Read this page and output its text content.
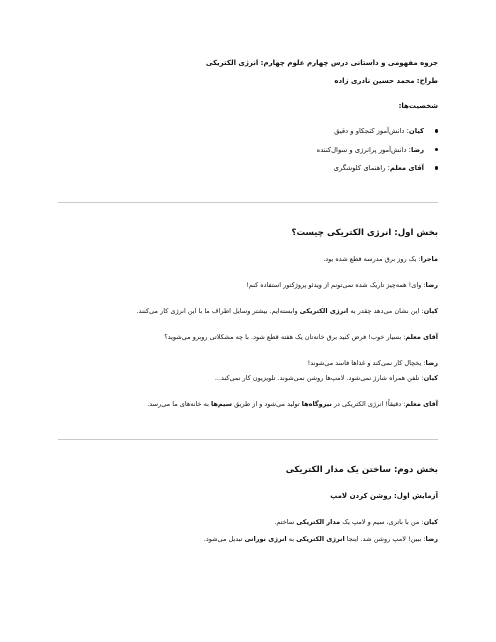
جزوه مفهومی و داستانی درس چهارم علوم چهارم: انرژی الکتریکی
طراح: محمد حسین نادری زاده
شخصیت‌ها:
کیان: دانش‌آموز کنجکاو و دقیق
رضا: دانش‌آموز پرانرژی و سوال‌کننده
آقای معلم: راهنمای کلوشگری
بخش اول: انرژی الکتریکی چیست؟
ماجرا: یک روز برق مدرسه قطع شده بود.
رضا: وای! همه‌چیز تاریک شده نمی‌تونم از ویدئو پروژکتور استفاده کنم!
کیان: این نشان می‌دهد چقدر به انرژی الکتریکی وابسته‌ایم. بیشتر وسایل اطراف ما با این انرژی کار می‌کنند.
آقای معلم: بسیار خوب! فرض کنید برق خانه‌تان یک هفته قطع شود. با چه مشکلاتی روبرو می‌شوید؟
رضا: یخچال کار نمی‌کند و غذاها فاسد می‌شوند!
کیان: تلفن همراه شارژ نمی‌شود. لامپ‌ها روشن نمی‌شوند. تلویزیون کار نمی‌کند...
آقای معلم: دقیقاً! انرژی الکتریکی در نیروگاه‌ها تولید می‌شود و از طریق سیم‌ها به خانه‌های ما می‌رسد.
بخش دوم: ساختن یک مدار الکتریکی
آزمایش اول: روشن کردن لامپ
کیان: من با باتری، سیم و لامپ یک مدار الکتریکی ساختم.
رضا: ببین! لامپ روشن شد. اینجا انرژی الکتریکی به انرژی نورانی تبدیل می‌شود.
